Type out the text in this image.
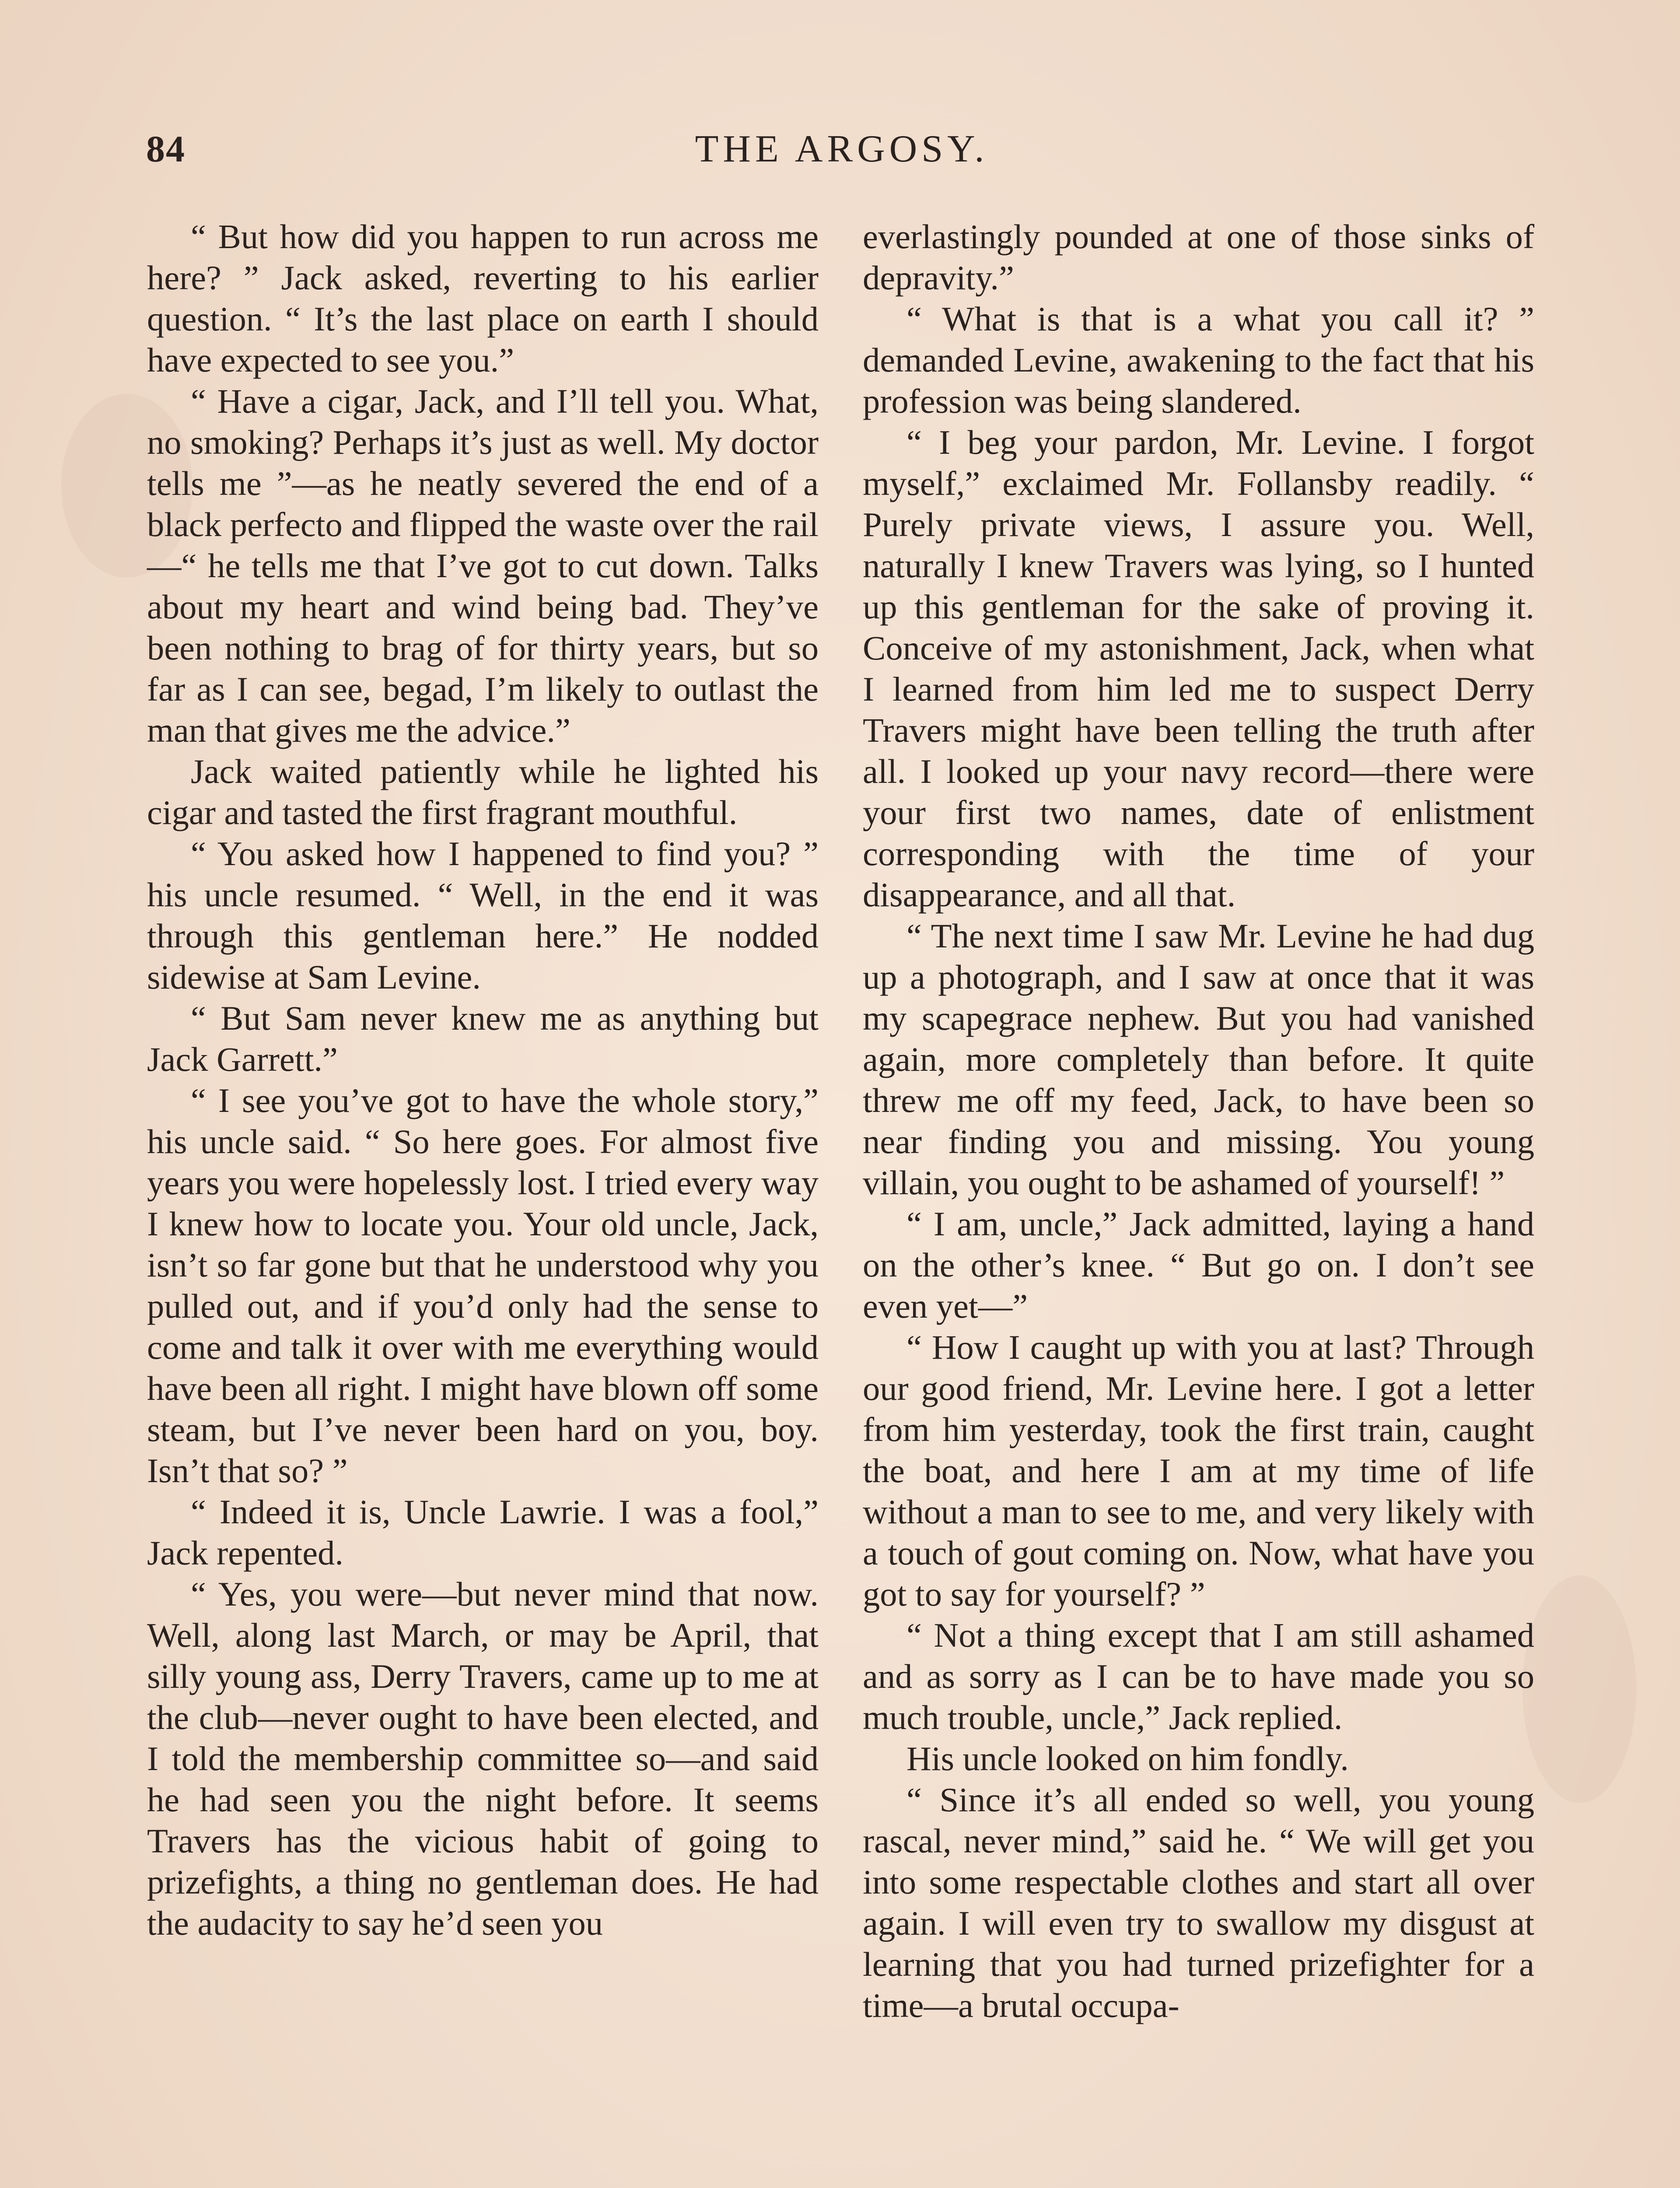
84	THE ARGOSY.

“ But how did you happen to run across me here? ” Jack asked, reverting to his earlier question. “ It’s the last place on earth I should have expected to see you.”

“ Have a cigar, Jack, and I’ll tell you. What, no smoking? Perhaps it’s just as well. My doctor tells me ”—as he neatly severed the end of a black perfecto and flipped the waste over the rail—“ he tells me that I’ve got to cut down. Talks about my heart and wind being bad. They’ve been nothing to brag of for thirty years, but so far as I can see, begad, I’m likely to outlast the man that gives me the advice.”

Jack waited patiently while he lighted his cigar and tasted the first fragrant mouthful.

“ You asked how I happened to find you? ” his uncle resumed. “ Well, in the end it was through this gentleman here.” He nodded sidewise at Sam Levine.

“ But Sam never knew me as anything but Jack Garrett.”

“ I see you’ve got to have the whole story,” his uncle said. “ So here goes. For almost five years you were hopelessly lost. I tried every way I knew how to locate you. Your old uncle, Jack, isn’t so far gone but that he understood why you pulled out, and if you’d only had the sense to come and talk it over with me everything would have been all right. I might have blown off some steam, but I’ve never been hard on you, boy. Isn’t that so? ”

“ Indeed it is, Uncle Lawrie. I was a fool,” Jack repented.

“ Yes, you were—but never mind that now. Well, along last March, or may be April, that silly young ass, Derry Travers, came up to me at the club—never ought to have been elected, and I told the membership committee so—and said he had seen you the night before. It seems Travers has the vicious habit of going to prizefights, a thing no gentleman does. He had the audacity to say he’d seen you

everlastingly pounded at one of those sinks of depravity.”

“ What is that is a what you call it? ” demanded Levine, awakening to the fact that his profession was being slandered.

“ I beg your pardon, Mr. Levine. I forgot myself,” exclaimed Mr. Follansby readily. “ Purely private views, I assure you. Well, naturally I knew Travers was lying, so I hunted up this gentleman for the sake of proving it. Conceive of my astonishment, Jack, when what I learned from him led me to suspect Derry Travers might have been telling the truth after all. I looked up your navy record—there were your first two names, date of enlistment corresponding with the time of your disappearance, and all that.

“ The next time I saw Mr. Levine he had dug up a photograph, and I saw at once that it was my scapegrace nephew. But you had vanished again, more completely than before. It quite threw me off my feed, Jack, to have been so near finding you and missing. You young villain, you ought to be ashamed of yourself! ”

“ I am, uncle,” Jack admitted, laying a hand on the other’s knee. “ But go on. I don’t see even yet—”

“ How I caught up with you at last? Through our good friend, Mr. Levine here. I got a letter from him yesterday, took the first train, caught the boat, and here I am at my time of life without a man to see to me, and very likely with a touch of gout coming on. Now, what have you got to say for yourself? ”

“ Not a thing except that I am still ashamed and as sorry as I can be to have made you so much trouble, uncle,” Jack replied.

His uncle looked on him fondly.

“ Since it’s all ended so well, you young rascal, never mind,” said he. “ We will get you into some respectable clothes and start all over again. I will even try to swallow my disgust at learning that you had turned prizefighter for a time—a brutal occupa-
